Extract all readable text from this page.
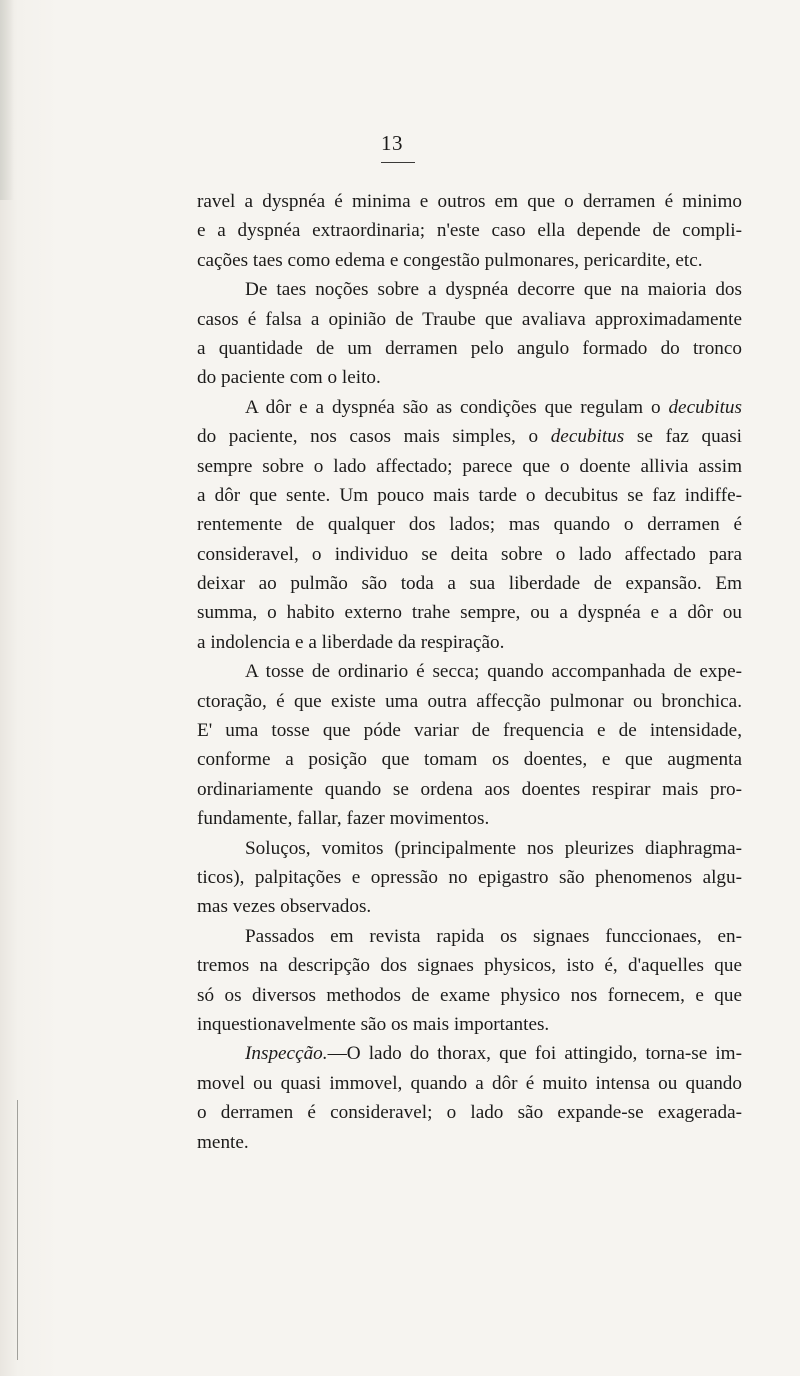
13
ravel a dyspnéa é minima e outros em que o derramen é minimo
e a dyspnéa extraordinaria; n'este caso ella depende de compli-
cações taes como edema e congestão pulmonares, pericardite, etc.
De taes noções sobre a dyspnéa decorre que na maioria dos
casos é falsa a opinião de Traube que avaliava approximadamente
a quantidade de um derramen pelo angulo formado do tronco
do paciente com o leito.
A dôr e a dyspnéa são as condições que regulam o decubitus
do paciente, nos casos mais simples, o decubitus se faz quasi
sempre sobre o lado affectado; parece que o doente allivia assim
a dôr que sente. Um pouco mais tarde o decubitus se faz indiffe-
rentemente de qualquer dos lados; mas quando o derramen é
consideravel, o individuo se deita sobre o lado affectado para
deixar ao pulmão são toda a sua liberdade de expansão. Em
summa, o habito externo trahe sempre, ou a dyspnéa e a dôr ou
a indolencia e a liberdade da respiração.
A tosse de ordinario é secca; quando accompanhada de expe-
ctoração, é que existe uma outra affecção pulmonar ou bronchica.
E' uma tosse que póde variar de frequencia e de intensidade,
conforme a posição que tomam os doentes, e que augmenta
ordinariamente quando se ordena aos doentes respirar mais pro-
fundamente, fallar, fazer movimentos.
Soluços, vomitos (principalmente nos pleurizes diaphragma-
ticos), palpitações e opressão no epigastro são phenomenos algu-
mas vezes observados.
Passados em revista rapida os signaes funccionaes, en-
tremos na descripção dos signaes physicos, isto é, d'aquelles que
só os diversos methodos de exame physico nos fornecem, e que
inquestionavelmente são os mais importantes.
Inspecção.—O lado do thorax, que foi attingido, torna-se im-
movel ou quasi immovel, quando a dôr é muito intensa ou quando
o derramen é consideravel; o lado são expande-se exagerada-
mente.
